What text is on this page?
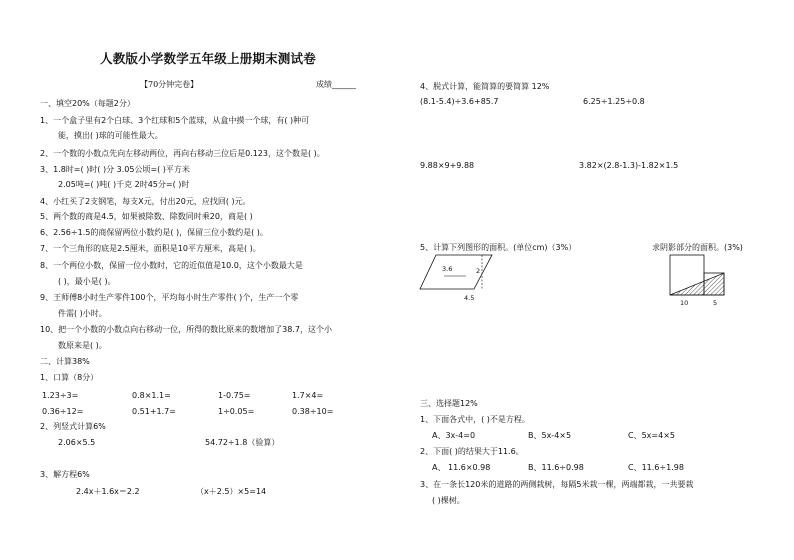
人教版小学数学五年级上册期末测试卷
【70分钟完卷】	成绩______
一、填空20%（每题2分）
1、一个盒子里有2个白球、3个红球和5个蓝球，从盒中摸一个球，有( )种可
能，摸出( )球的可能性最大。
2、一个数的小数点先向左移动两位，再向右移动三位后是0.123，这个数是( )。
3、1.8时=( )时( )分 3.05公顷=( )平方米
2.05吨=( )吨( )千克 2时45分=( )时
4、小红买了2支钢笔，每支X元，付出20元，应找回( )元。
5、两个数的商是4.5，如果被除数、除数同时乘20，商是( )
6、2.56÷1.5的商保留两位小数约是( )，保留三位小数约是( )。
7、一个三角形的底是2.5厘米，面积是10平方厘米，高是( )。
8、一个两位小数，保留一位小数时，它的近似值是10.0，这个小数最大是
( )，最小是( )。
9、王师傅8小时生产零件100个，平均每小时生产零件( )个，生产一个零
件需( )小时。
10、把一个小数的小数点向右移动一位，所得的数比原来的数增加了38.7，这个小
数原来是( )。
二、计算38%
1、口算（8分）
1.23÷3=	0.8×1.1=	1-0.75=	1.7×4=
0.36÷12=	0.51+1.7=	1÷0.05=	0.38÷10=
2、列竖式计算6%
2.06×5.5	54.72÷1.8（验算）
3、解方程6%
2.4x＋1.6x＝2.2	（x＋2.5）×5=14
4、脱式计算，能简算的要简算 12%
(8.1-5.4)÷3.6+85.7	6.25÷1.25÷0.8
9.88×9+9.88	3.82×(2.8-1.3)-1.82×1.5
5、计算下列图形的面积。(单位cm)（3%）	求阴影部分的面积。(3%)
3.6	2
4.5
10	5
三、选择题12%
1、下面各式中，( )不是方程。
A、3x-4=0	B、5x-4×5	C、5x=4×5
2、下面( )的结果大于11.6。
A、 11.6×0.98	B、11.6÷0.98	C、11.6÷1.98
3、在一条长120米的道路的两侧栽树，每隔5米栽一棵，两端都栽，一共要栽
( )棵树。
